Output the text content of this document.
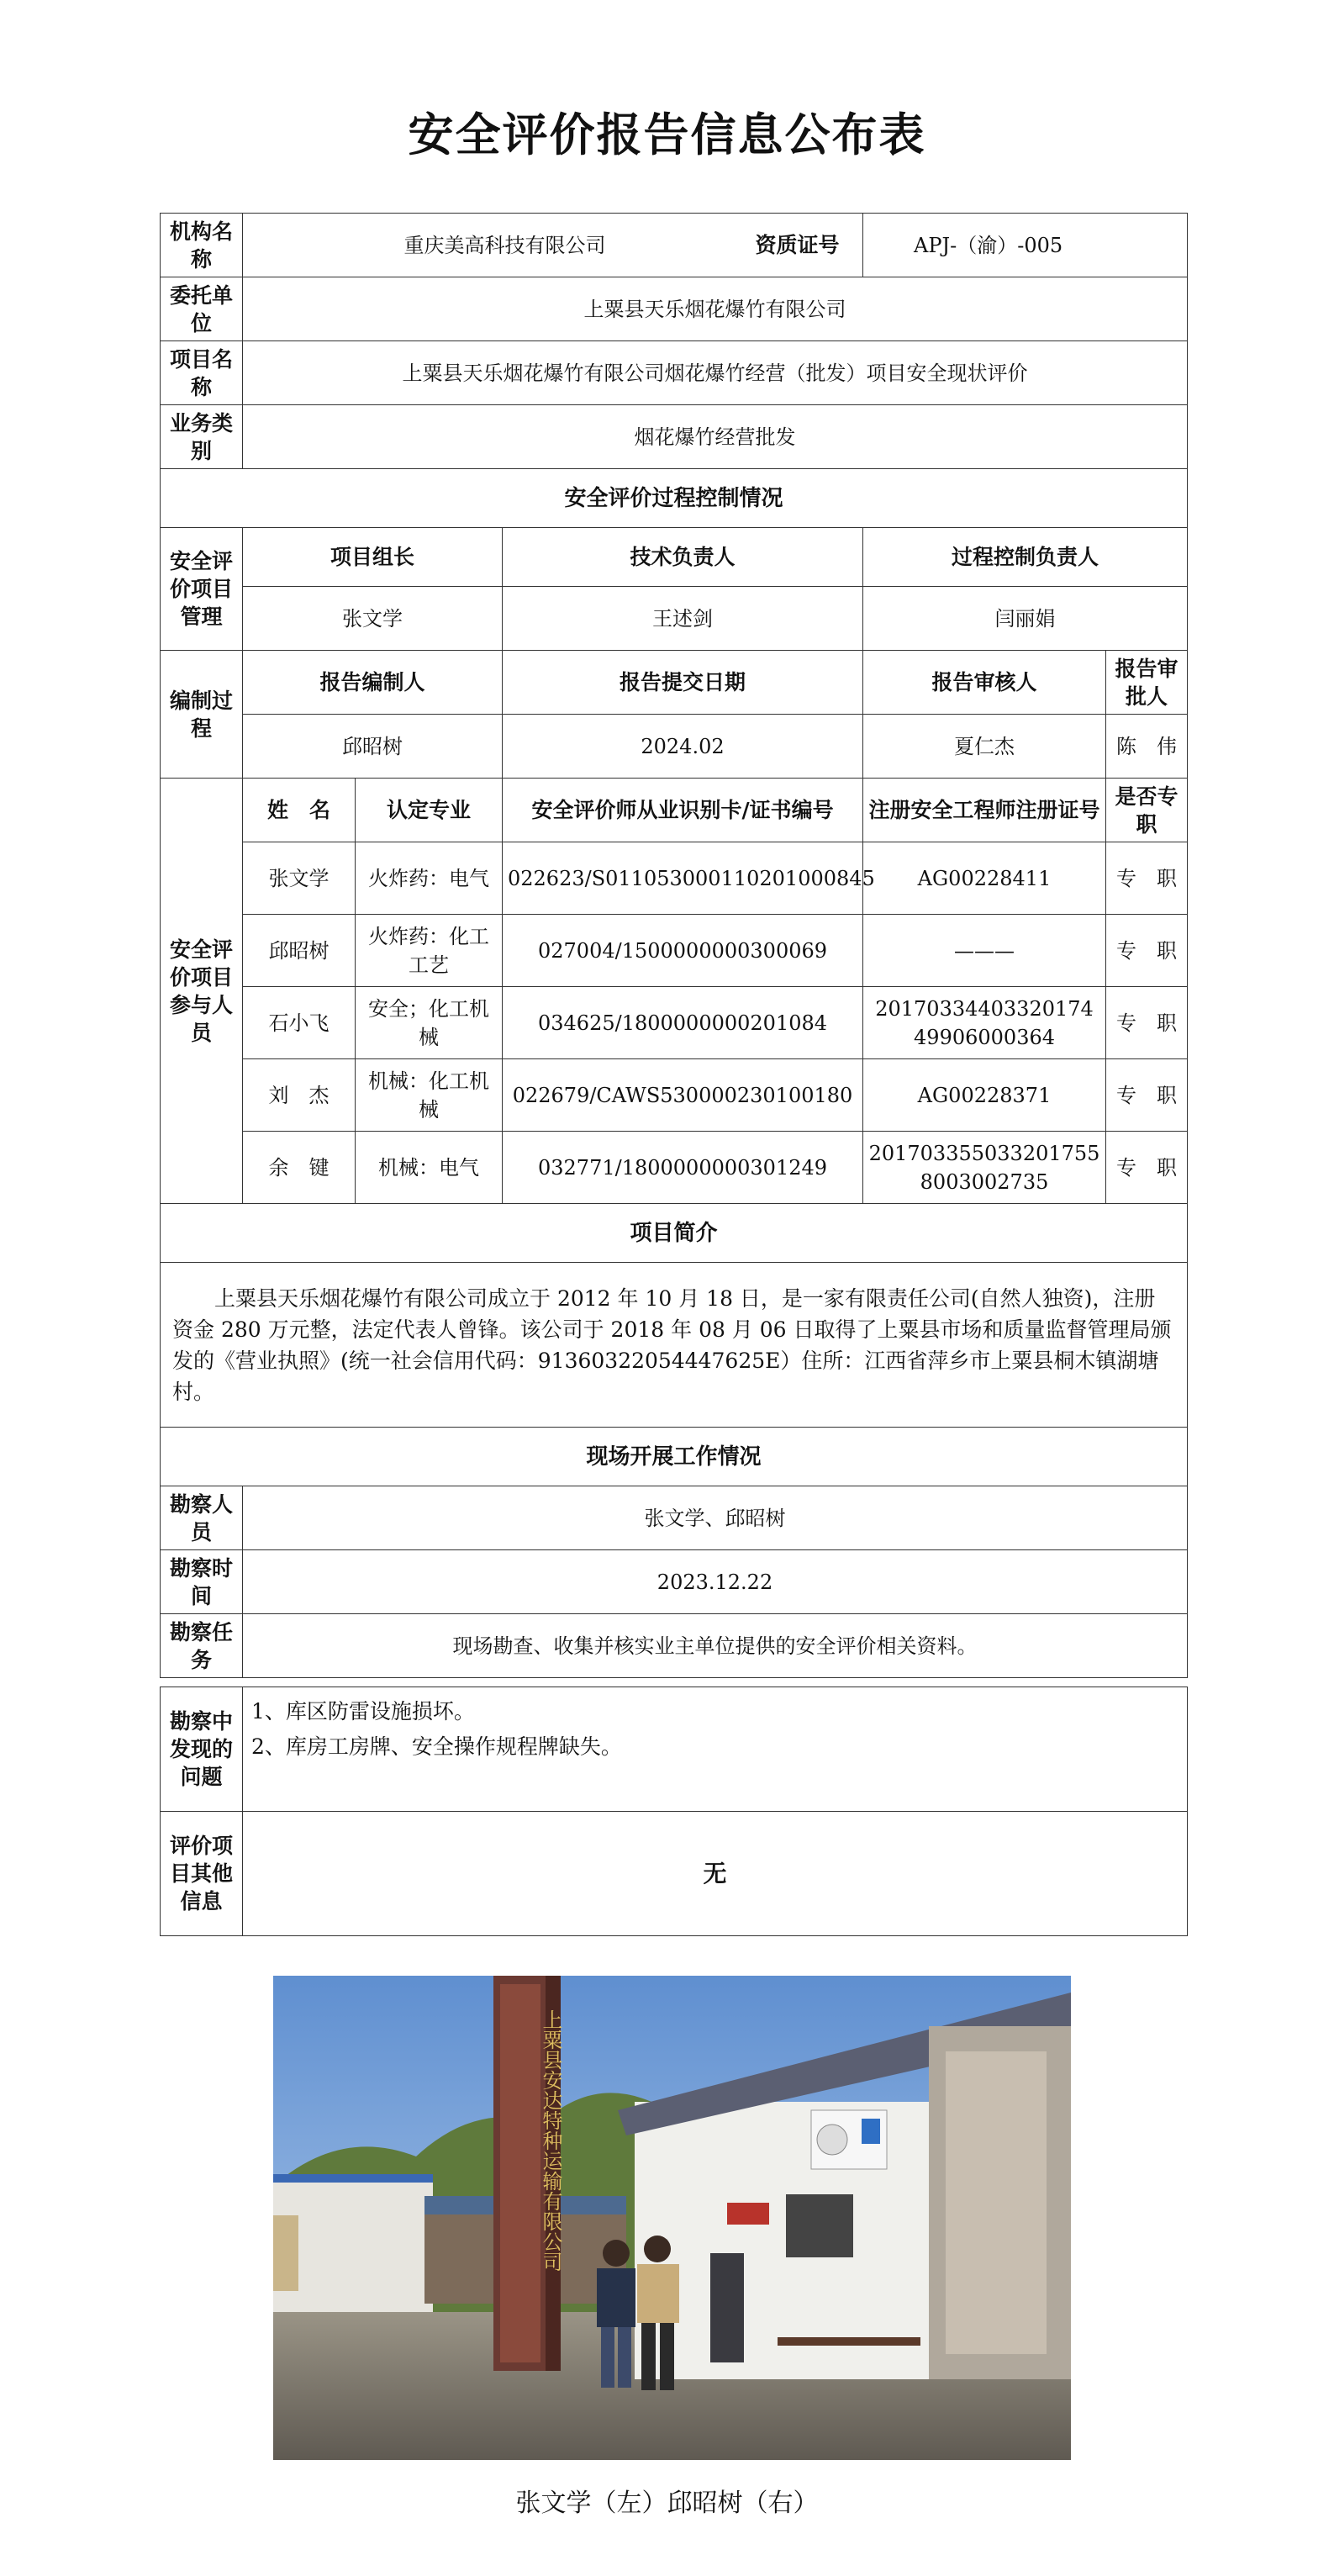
安全评价报告信息公布表
机构名称	重庆美高科技有限公司			资质证号 APJ-（渝）-005	

委托单位	上粟县天乐烟花爆竹有限公司				
项目名称	上粟县天乐烟花爆竹有限公司烟花爆竹经营（批发）项目安全现状评价				
业务类别	烟花爆竹经营批发				
安全评价过程控制情况					
安全评价项目管理	项目组长		技术负责人	过程控制负责人	
	张文学		王述剑	闫丽娟	
编制过程	报告编制人		报告提交日期	报告审核人	报告审批人
	邱昭树		2024.02	夏仁杰	陈　伟
安全评价项目参与人员	姓　名	认定专业	安全评价师从业识别卡/证书编号	注册安全工程师注册证号	是否专职
	张文学	火炸药：电气	022623/S011053000110201000845	AG00228411	专　职
	邱昭树	火炸药：化工工艺	027004/1500000000300069	———	专　职
	石小飞	安全；化工机械	034625/1800000000201084	20170334403320174 49906000364	专　职
	刘　杰	机械：化工机械	022679/CAWS530000230100180	AG00228371	专　职
	余　键	机械：电气	032771/1800000000301249	201703355033201755 8003002735	专　职
项目简介					
上粟县天乐烟花爆竹有限公司成立于 2012 年 10 月 18 日，是一家有限责任公司(自然人独资)，注册资金 280 万元整，法定代表人曾锋。该公司于 2018 年 08 月 06 日取得了上粟县市场和质量监督管理局颁发的《营业执照》(统一社会信用代码：91360322054447625E）住所：江西省萍乡市上粟县桐木镇湖塘村。					
现场开展工作情况					
勘察人员	张文学、邱昭树				
勘察时间	2023.12.22				
勘察任务	现场勘查、收集并核实业主单位提供的安全评价相关资料。				
勘察中发现的问题	1、库区防雷设施损坏。
2、库房工房牌、安全操作规程牌缺失。

评价项目其他信息	无
上粟县安达特种运输有限公司
张文学（左）邱昭树（右）
